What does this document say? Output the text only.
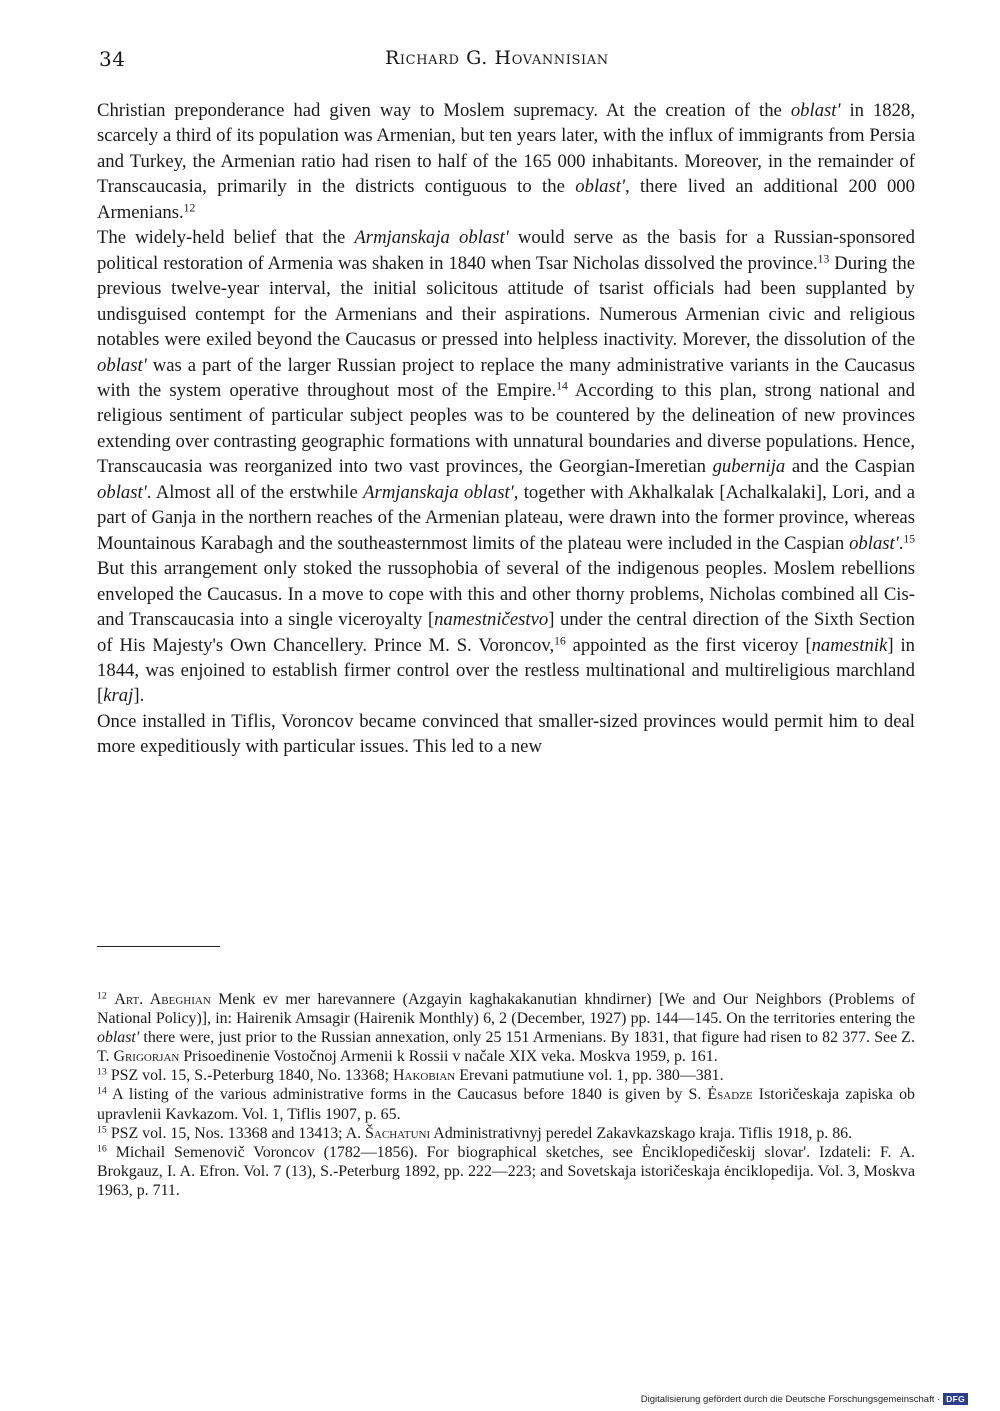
34	Richard G. Hovannisian

Christian preponderance had given way to Moslem supremacy. At the creation of the oblast' in 1828, scarcely a third of its population was Armenian, but ten years later, with the influx of immigrants from Persia and Turkey, the Armenian ratio had risen to half of the 165 000 inhabitants. Moreover, in the remainder of Transcaucasia, primarily in the districts contiguous to the oblast', there lived an additional 200 000 Armenians.$^{12}$

The widely-held belief that the Armjanskaja oblast' would serve as the basis for a Russian-sponsored political restoration of Armenia was shaken in 1840 when Tsar Nicholas dissolved the province.$^{13}$ During the previous twelve-year interval, the initial solicitous attitude of tsarist officials had been supplanted by undisguised contempt for the Armenians and their aspirations. Numerous Armenian civic and religious notables were exiled beyond the Caucasus or pressed into helpless inactivity. Morever, the dissolution of the oblast' was a part of the larger Russian project to replace the many administrative variants in the Caucasus with the system operative throughout most of the Empire.$^{14}$ According to this plan, strong national and religious sentiment of particular subject peoples was to be countered by the delineation of new provinces extending over contrasting geographic formations with unnatural boundaries and diverse populations. Hence, Transcaucasia was reorganized into two vast provinces, the Georgian-Imeretian gubernija and the Caspian oblast'. Almost all of the erstwhile Armjanskaja oblast', together with Akhalkalak [Achalkalaki], Lori, and a part of Ganja in the northern reaches of the Armenian plateau, were drawn into the former province, whereas Mountainous Karabagh and the southeasternmost limits of the plateau were included in the Caspian oblast'.$^{15}$ But this arrangement only stoked the russophobia of several of the indigenous peoples. Moslem rebellions enveloped the Caucasus. In a move to cope with this and other thorny problems, Nicholas combined all Cis- and Transcaucasia into a single viceroyalty [namestničestvo] under the central direction of the Sixth Section of His Majesty's Own Chancellery. Prince M. S. Voroncov,$^{16}$ appointed as the first viceroy [namestnik] in 1844, was enjoined to establish firmer control over the restless multinational and multireligious marchland [kraj].

Once installed in Tiflis, Voroncov became convinced that smaller-sized provinces would permit him to deal more expeditiously with particular issues. This led to a new

$^{12}$ Art. Abeghian Menk ev mer harevannere (Azgayin kaghakakanutian khndirner) [We and Our Neighbors (Problems of National Policy)], in: Hairenik Amsagir (Hairenik Monthly) 6, 2 (December, 1927) pp. 144—145. On the territories entering the oblast' there were, just prior to the Russian annexation, only 25 151 Armenians. By 1831, that figure had risen to 82 377. See Z. T. Grigorjan Prisoedinenie Vostočnoj Armenii k Rossii v načale XIX veka. Moskva 1959, p. 161.

$^{13}$ PSZ vol. 15, S.-Peterburg 1840, No. 13368; Hakobian Erevani patmutiune vol. 1, pp. 380—381.

$^{14}$ A listing of the various administrative forms in the Caucasus before 1840 is given by S. Ėsadze Istoričeskaja zapiska ob upravlenii Kavkazom. Vol. 1, Tiflis 1907, p. 65.

$^{15}$ PSZ vol. 15, Nos. 13368 and 13413; A. Šachatuni Administrativnyj peredel Zakavkazskago kraja. Tiflis 1918, p. 86.

$^{16}$ Michail Semenovič Voroncov (1782—1856). For biographical sketches, see Ėnciklopedičeskij slovar'. Izdateli: F. A. Brokgauz, I. A. Efron. Vol. 7 (13), S.-Peterburg 1892, pp. 222—223; and Sovetskaja istoričeskaja ėnciklopedija. Vol. 3, Moskva 1963, p. 711.

Digitalisierung gefördert durch die Deutsche Forschungsgemeinschaft · DFG
